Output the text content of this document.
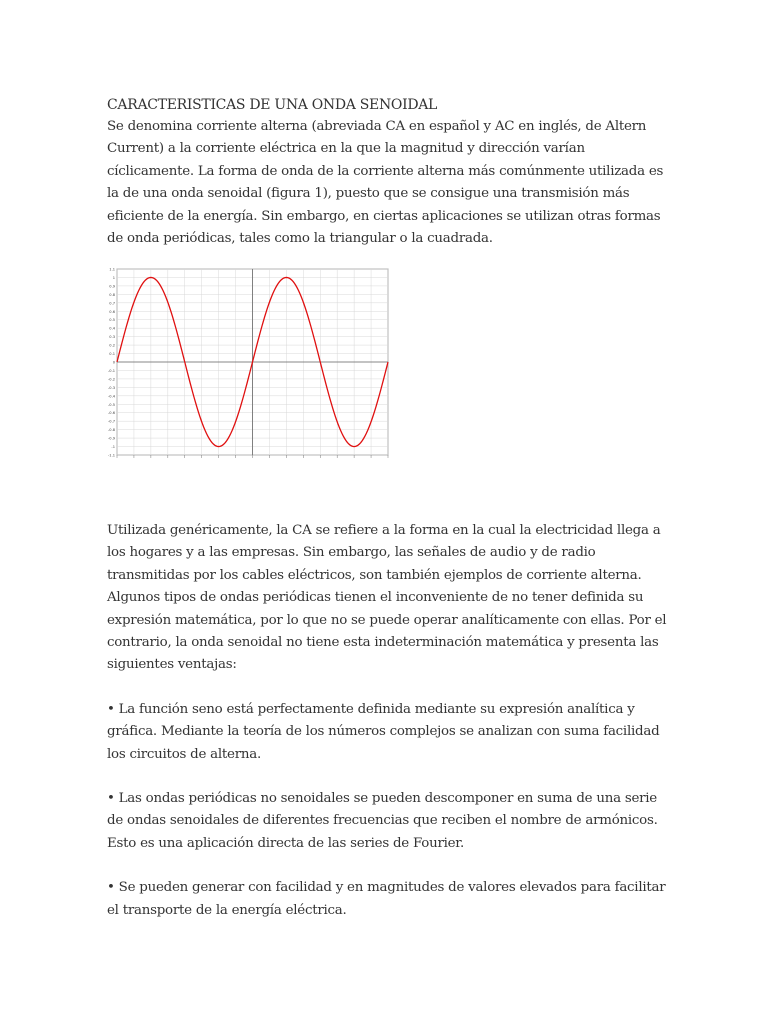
CARACTERISTICAS DE UNA ONDA SENOIDAL

Se denomina corriente alterna (abreviada CA en español y AC en inglés, de Altern Current) a la corriente eléctrica en la que la magnitud y dirección varían cíclicamente. La forma de onda de la corriente alterna más comúnmente utilizada es la de una onda senoidal (figura 1), puesto que se consigue una transmisión más eficiente de la energía. Sin embargo, en ciertas aplicaciones se utilizan otras formas de onda periódicas, tales como la triangular o la cuadrada.

1.1
1
0.9
0.8
0.7
0.6
0.5
0.4
0.3
0.2
0.1
0
-0.1
-0.2
-0.3
-0.4
-0.5
-0.6
-0.7
-0.8
-0.9
-1
-1.1

Utilizada genéricamente, la CA se refiere a la forma en la cual la electricidad llega a los hogares y a las empresas. Sin embargo, las señales de audio y de radio transmitidas por los cables eléctricos, son también ejemplos de corriente alterna. Algunos tipos de ondas periódicas tienen el inconveniente de no tener definida su expresión matemática, por lo que no se puede operar analíticamente con ellas. Por el contrario, la onda senoidal no tiene esta indeterminación matemática y presenta las siguientes ventajas:

• La función seno está perfectamente definida mediante su expresión analítica y gráfica. Mediante la teoría de los números complejos se analizan con suma facilidad los circuitos de alterna.

• Las ondas periódicas no senoidales se pueden descomponer en suma de una serie de ondas senoidales de diferentes frecuencias que reciben el nombre de armónicos. Esto es una aplicación directa de las series de Fourier.

• Se pueden generar con facilidad y en magnitudes de valores elevados para facilitar el transporte de la energía eléctrica.
